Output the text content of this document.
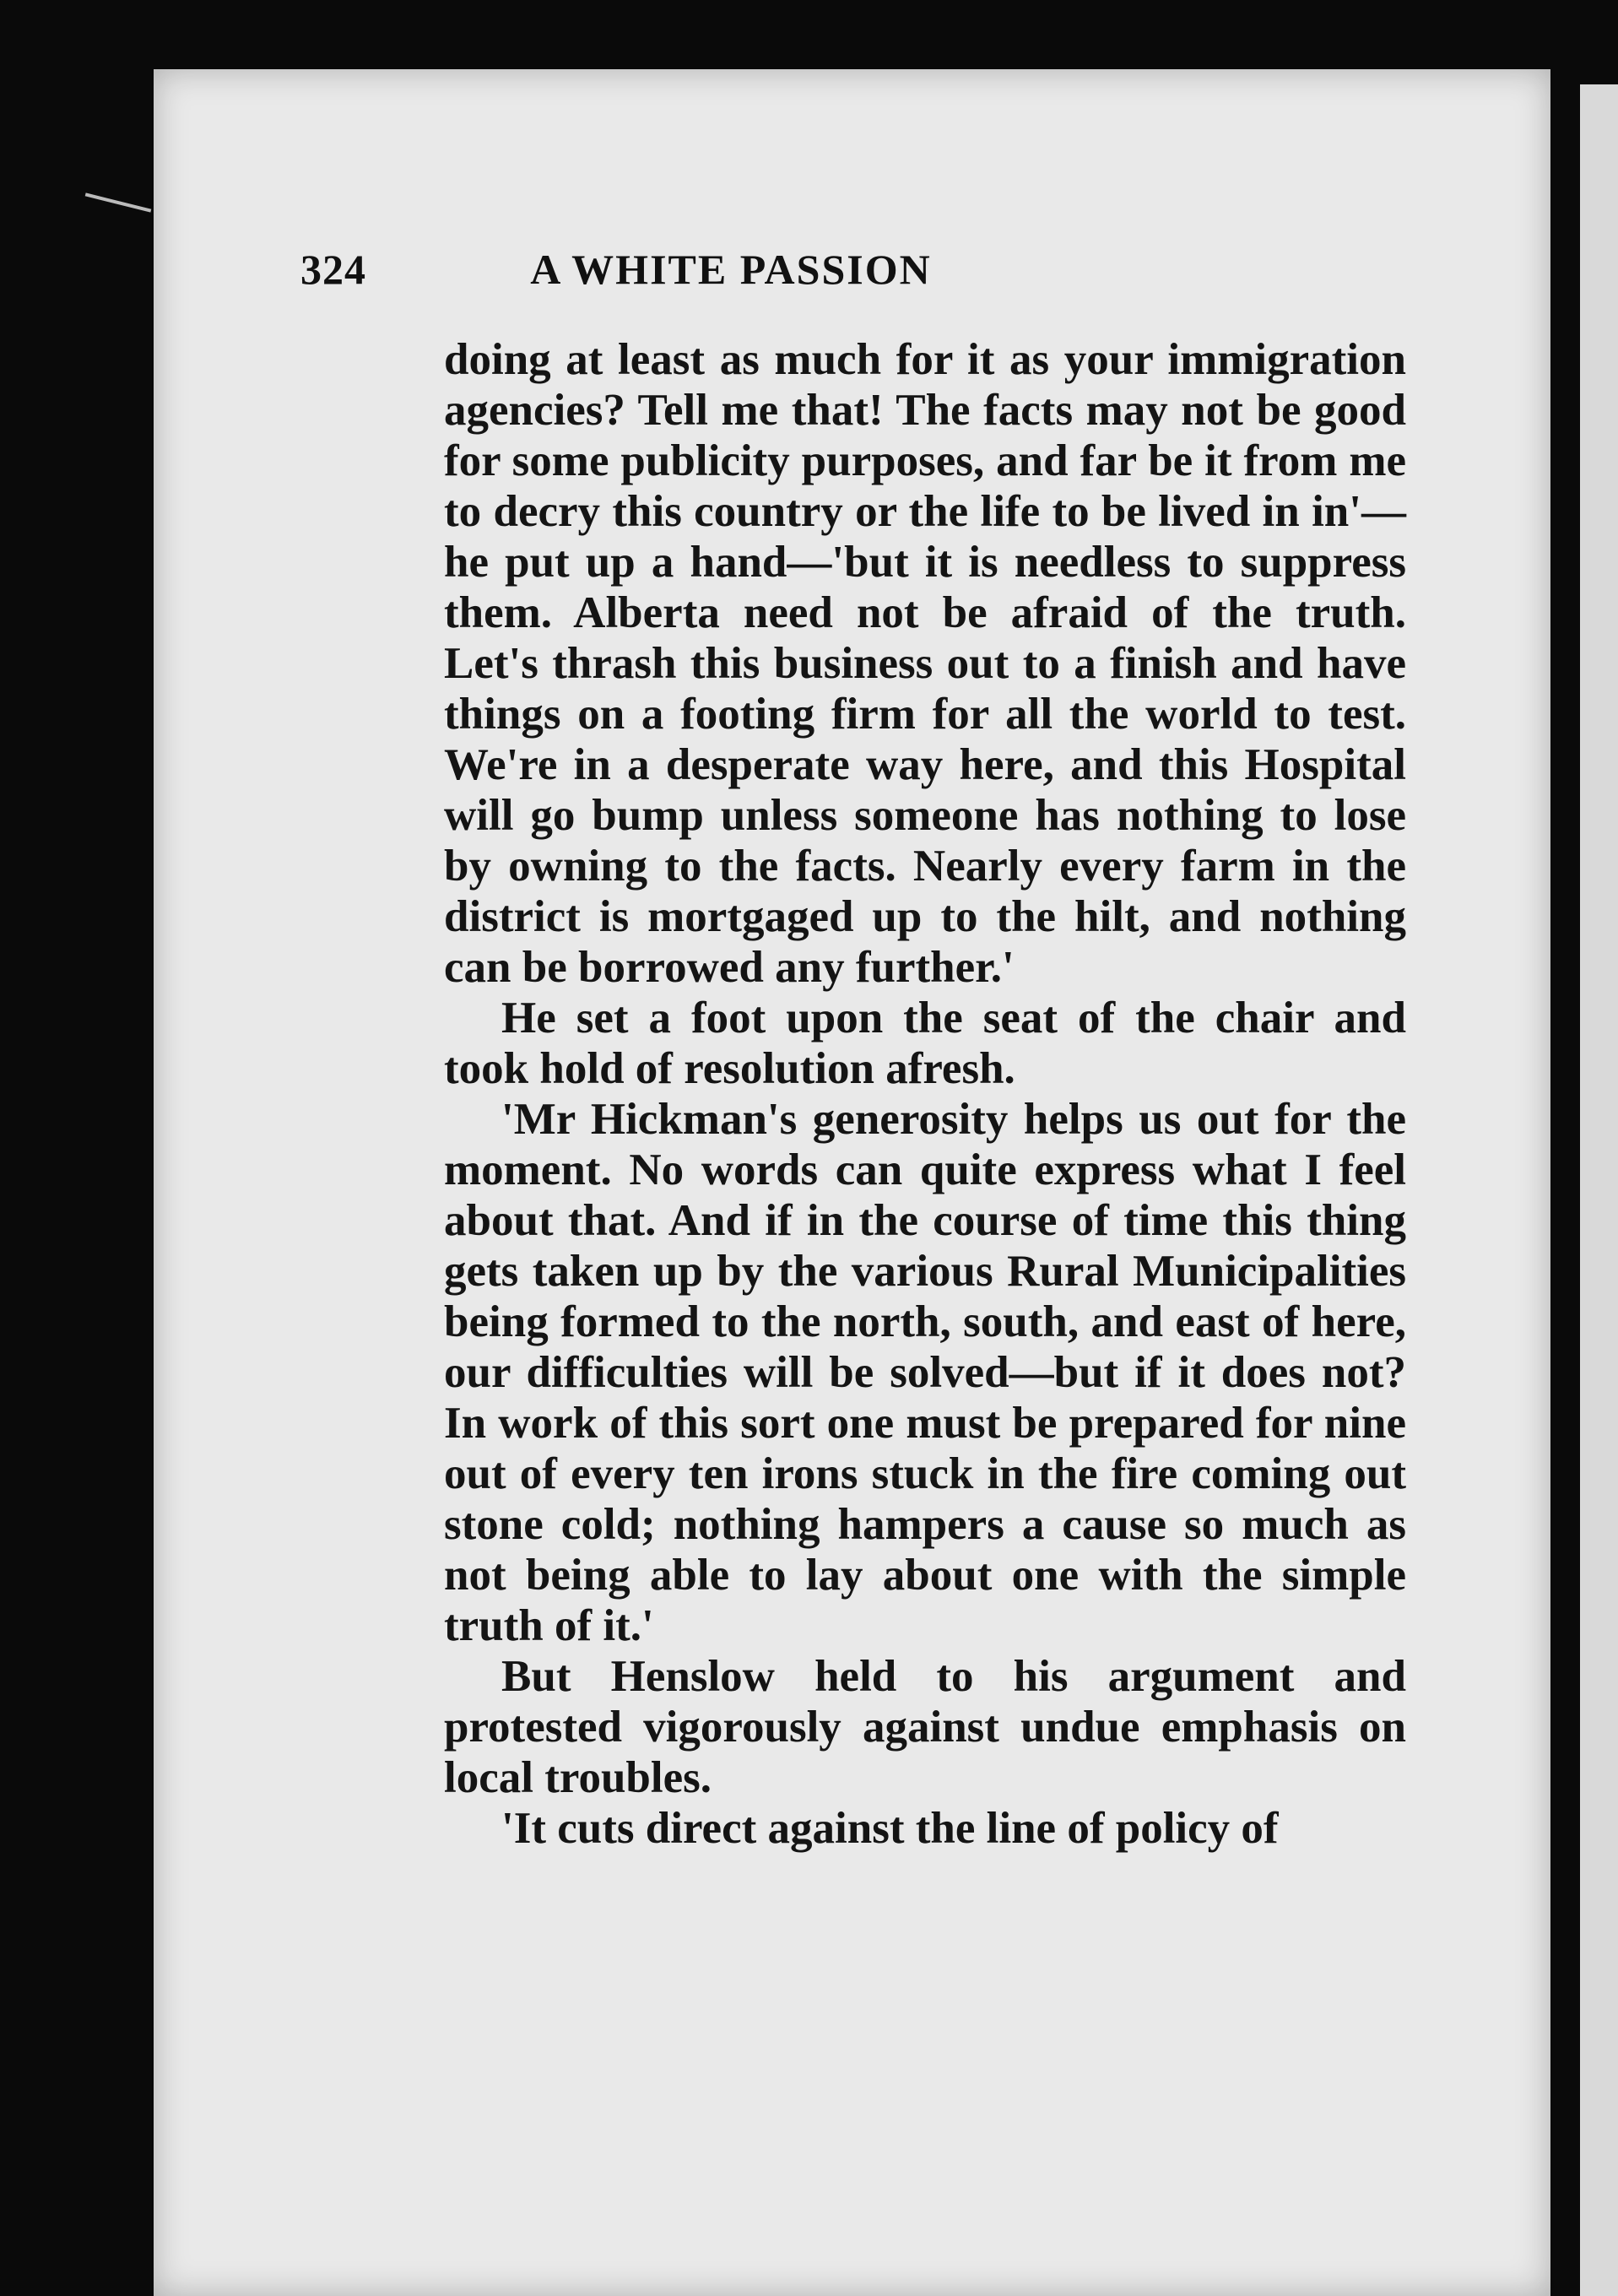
324	A WHITE PASSION

doing at least as much for it as your immigration agencies? Tell me that! The facts may not be good for some publicity purposes, and far be it from me to decry this country or the life to be lived in in'—he put up a hand—'but it is needless to suppress them. Alberta need not be afraid of the truth. Let's thrash this business out to a finish and have things on a footing firm for all the world to test. We're in a desperate way here, and this Hospital will go bump unless someone has nothing to lose by owning to the facts. Nearly every farm in the district is mortgaged up to the hilt, and nothing can be borrowed any further.'

He set a foot upon the seat of the chair and took hold of resolution afresh.

'Mr Hickman's generosity helps us out for the moment. No words can quite express what I feel about that. And if in the course of time this thing gets taken up by the various Rural Municipalities being formed to the north, south, and east of here, our difficulties will be solved—but if it does not? In work of this sort one must be prepared for nine out of every ten irons stuck in the fire coming out stone cold; nothing hampers a cause so much as not being able to lay about one with the simple truth of it.'

But Henslow held to his argument and protested vigorously against undue emphasis on local troubles.

'It cuts direct against the line of policy of
